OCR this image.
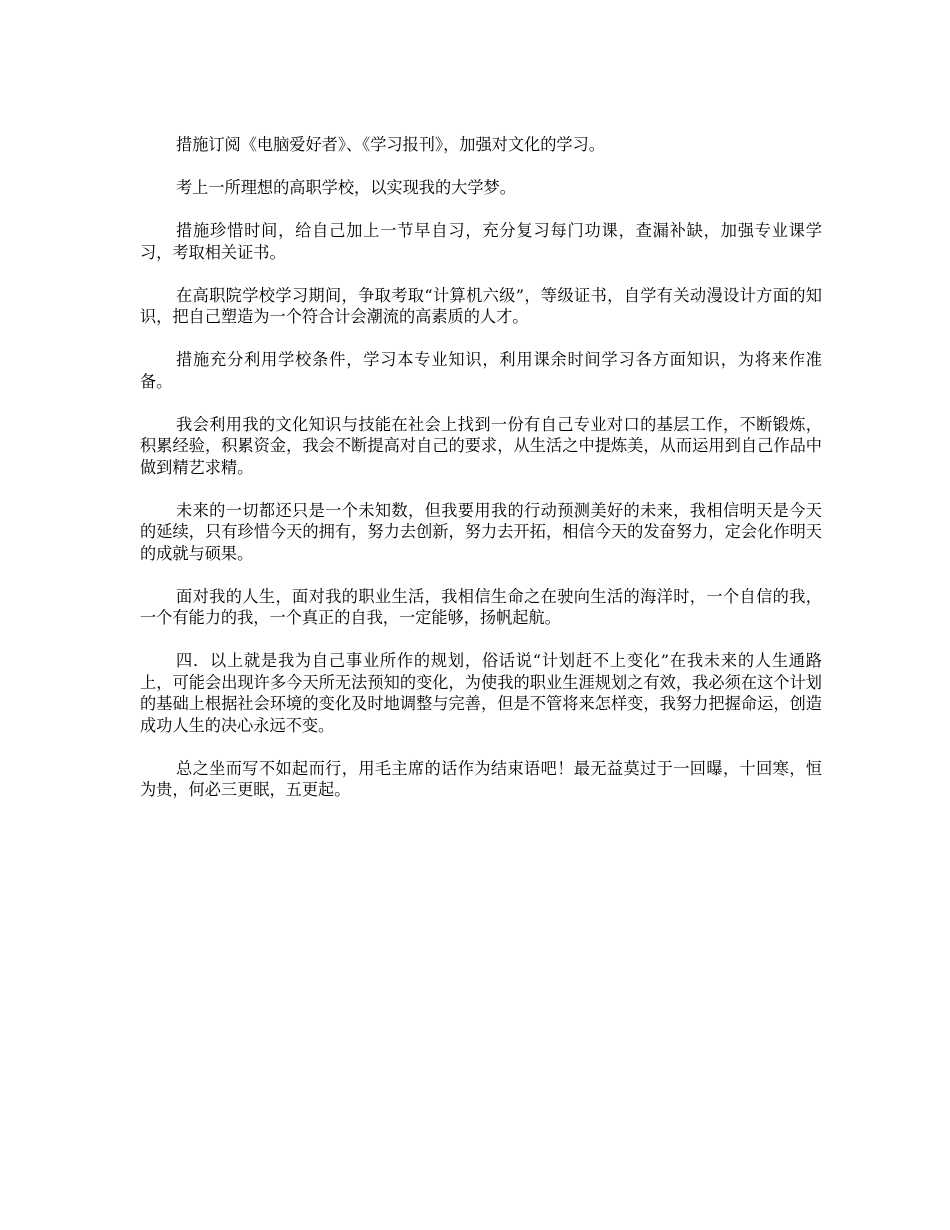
措施订阅《电脑爱好者》、《学习报刊》，加强对文化的学习。

考上一所理想的高职学校，以实现我的大学梦。

措施珍惜时间，给自己加上一节早自习，充分复习每门功课，查漏补缺，加强专业课学习，考取相关证书。

在高职院学校学习期间，争取考取“计算机六级”，等级证书，自学有关动漫设计方面的知识，把自己塑造为一个符合计会潮流的高素质的人才。

措施充分利用学校条件，学习本专业知识，利用课余时间学习各方面知识，为将来作准备。

我会利用我的文化知识与技能在社会上找到一份有自己专业对口的基层工作，不断锻炼，积累经验，积累资金，我会不断提高对自己的要求，从生活之中提炼美，从而运用到自己作品中做到精艺求精。

未来的一切都还只是一个未知数，但我要用我的行动预测美好的未来，我相信明天是今天的延续，只有珍惜今天的拥有，努力去创新，努力去开拓，相信今天的发奋努力，定会化作明天的成就与硕果。

面对我的人生，面对我的职业生活，我相信生命之在驶向生活的海洋时，一个自信的我，一个有能力的我，一个真正的自我，一定能够，扬帆起航。

四．以上就是我为自己事业所作的规划，俗话说“计划赶不上变化”在我未来的人生通路上，可能会出现许多今天所无法预知的变化，为使我的职业生涯规划之有效，我必须在这个计划的基础上根据社会环境的变化及时地调整与完善，但是不管将来怎样变，我努力把握命运，创造成功人生的决心永远不变。

总之坐而写不如起而行，用毛主席的话作为结束语吧！最无益莫过于一回曝，十回寒，恒为贵，何必三更眠，五更起。
